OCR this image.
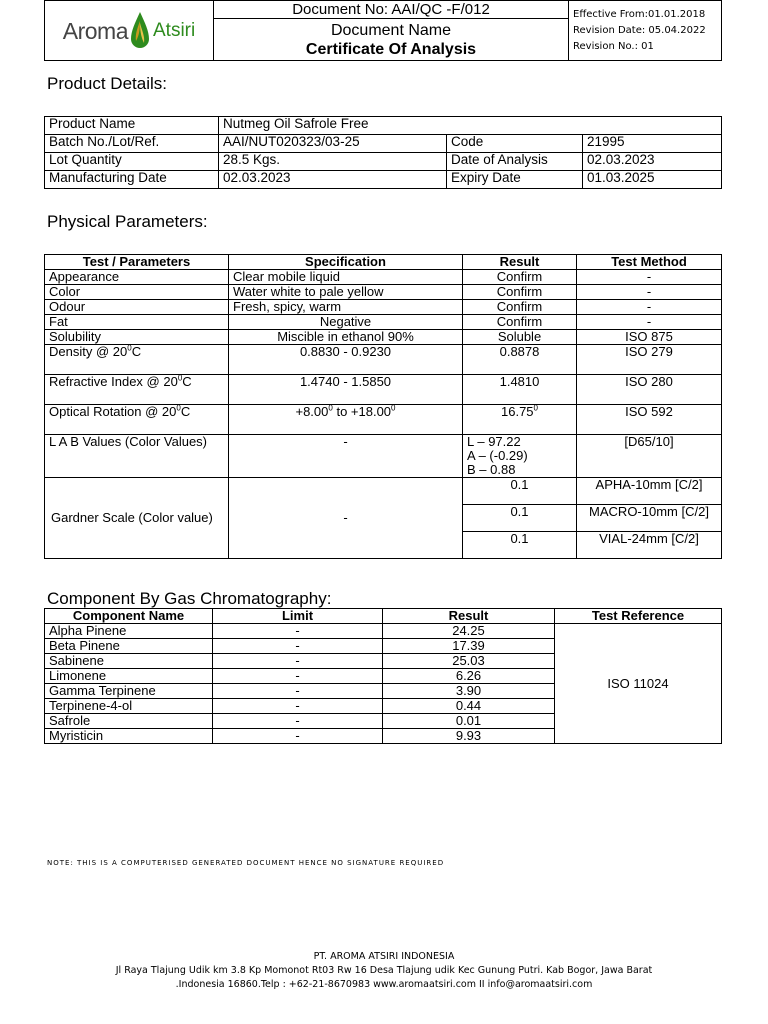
Aroma Atsiri
	Document No: AAI/QC -F/012	Effective From:01.01.2018
Revision Date: 05.04.2022
Revision No.: 01

Document Name
Certificate Of Analysis
Product Details:
Product Name	Nutmeg Oil Safrole Free		
Batch No./Lot/Ref.	AAI/NUT020323/03-25	Code	21995
Lot Quantity	28.5 Kgs.	Date of Analysis	02.03.2023
Manufacturing Date	02.03.2023	Expiry Date	01.03.2025
Physical Parameters:
Test / Parameters	Specification	Result	Test Method
Appearance	Clear mobile liquid	Confirm	-
Color	Water white to pale yellow	Confirm	-
Odour	Fresh, spicy, warm	Confirm	-
Fat	Negative	Confirm	-
Solubility	Miscible in ethanol 90%	Soluble	ISO 875
Density @ $20^0C$	0.8830 - 0.9230	0.8878	ISO 279
Refractive Index @ $20^0C$	1.4740 - 1.5850	1.4810	ISO 280
Optical Rotation @ $20^0C$	$+8.00^0$ to $+18.00^0$	16.75$^0$	ISO 592
L A B Values (Color Values)	-	L – 97.22
A – (-0.29)
B – 0.88	[D65/10]
Gardner Scale (Color value)	-	0.1	APHA-10mm [C/2]
		0.1	MACRO-10mm [C/2]
		0.1	VIAL-24mm [C/2]
Component By Gas Chromatography:
Component Name	Limit	Result	Test Reference
Alpha Pinene	-	24.25	ISO 11024
Beta Pinene	-	17.39	
Sabinene	-	25.03	
Limonene	-	6.26	
Gamma Terpinene	-	3.90	
Terpinene-4-ol	-	0.44	
Safrole	-	0.01	
Myristicin	-	9.93	
NOTE: THIS IS A COMPUTERISED GENERATED DOCUMENT HENCE NO SIGNATURE REQUIRED
PT. AROMA ATSIRI INDONESIA
Jl Raya Tlajung Udik km 3.8 Kp Momonot Rt03 Rw 16 Desa Tlajung udik Kec Gunung Putri. Kab Bogor, Jawa Barat
.Indonesia 16860.Telp : +62-21-8670983 www.aromaatsiri.com II info@aromaatsiri.com
